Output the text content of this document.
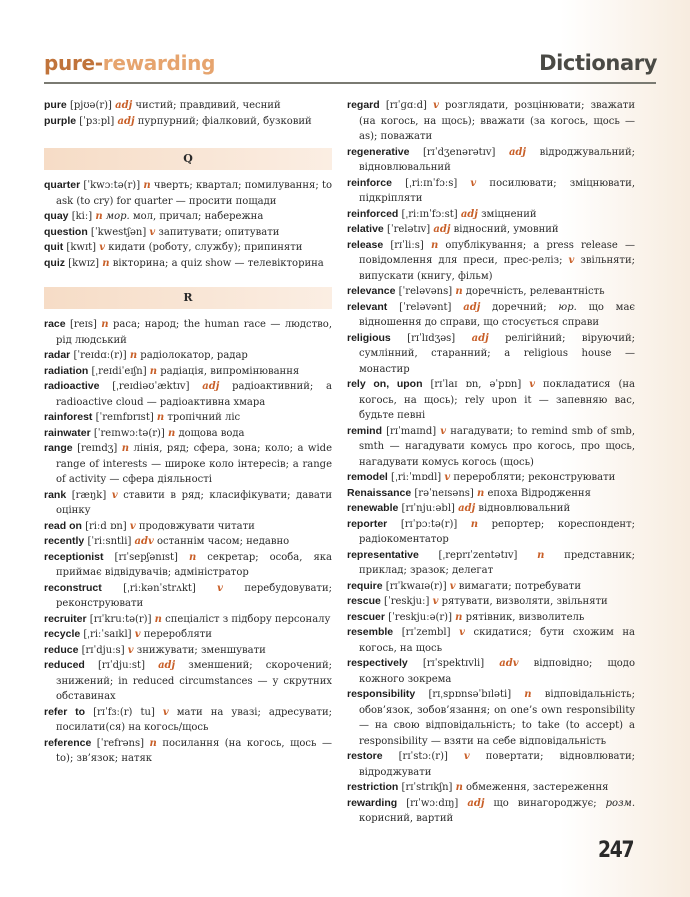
pure-rewarding	Dictionary

pure [pjʊə(r)] adj чистий; правдивий, чесний

purple [ˈpɜːpl] adj пурпурний; фіалковий, бузковий

Q

quarter [ˈkwɔːtə(r)] n чверть; квартал; помилування; to ask (to cry) for quarter — просити пощади

quay [kiː] n мор. мол, причал; набережна

question [ˈkwestʃən] v запитувати; опитувати

quit [kwɪt] v кидати (роботу, службу); припиняти

quiz [kwɪz] n вікторина; a quiz show — телевікторина

R

race [reɪs] n раса; народ; the human race — людство, рід людський

radar [ˈreɪdɑː(r)] n радіолокатор, радар

radiation [ˌreɪdiˈeɪʃn] n радіація, випромінювання

radioactive [ˌreɪdiəʊˈæktɪv] adj радіоактивний; a radioactive cloud — радіоактивна хмара

rainforest [ˈreɪnfɒrɪst] n тропічний ліс

rainwater [ˈreɪnwɔːtə(r)] n дощова вода

range [reɪndʒ] n лінія, ряд; сфера, зона; коло; a wide range of interests — широке коло інтересів; a range of activity — сфера діяльності

rank [ræŋk] v ставити в ряд; класифікувати; давати оцінку

read on [riːd ɒn] v продовжувати читати

recently [ˈriːsntli] adv останнім часом; недавно

receptionist [rɪˈsepʃənɪst] n секретар; особа, яка приймає відвідувачів; адміністратор

reconstruct [ˌriːkənˈstrʌkt] v перебудовувати; реконструювати

recruiter [rɪˈkruːtə(r)] n спеціаліст з підбору персоналу

recycle [ˌriːˈsaɪkl] v переробляти

reduce [rɪˈdjuːs] v знижувати; зменшувати

reduced [rɪˈdjuːst] adj зменшений; скорочений; знижений; in reduced circumstances — у скрутних обставинах

refer to [rɪˈfɜː(r) tu] v мати на увазі; адресувати; посилати(ся) на когось/щось

reference [ˈrefrəns] n посилання (на когось, щось — to); зв’язок; натяк

regard [rɪˈɡɑːd] v розглядати, розцінювати; зважати (на когось, на щось); вважати (за когось, щось — as); поважати

regenerative [rɪˈdʒenərətɪv] adj відроджувальний; відновлювальний

reinforce [ˌriːɪnˈfɔːs] v посилювати; зміцнювати, підкріпляти

reinforced [ˌriːɪnˈfɔːst] adj зміцнений

relative [ˈrelətɪv] adj відносний, умовний

release [rɪˈliːs] n опублікування; a press release — повідомлення для преси, прес-реліз; v звільняти; випускати (книгу, фільм)

relevance [ˈreləvəns] n доречність, релевантність

relevant [ˈreləvənt] adj доречний; юр. що має відношення до справи, що стосується справи

religious [rɪˈlɪdʒəs] adj релігійний; віруючий; сумлінний, старанний; a religious house — монастир

rely on, upon [rɪˈlaɪ ɒn, əˈpɒn] v покладатися (на когось, на щось); rely upon it — запевняю вас, будьте певні

remind [rɪˈmaɪnd] v нагадувати; to remind smb of smb, smth — нагадувати комусь про когось, про щось, нагадувати комусь когось (щось)

remodel [ˌriːˈmɒdl] v переробляти; реконструювати

Renaissance [rəˈneɪsəns] n епоха Відродження

renewable [rɪˈnjuːəbl] adj відновлювальний

reporter [rɪˈpɔːtə(r)] n репортер; кореспондент; радіокоментатор

representative [ˌreprɪˈzentətɪv] n представник; приклад; зразок; делегат

require [rɪˈkwaɪə(r)] v вимагати; потребувати

rescue [ˈreskjuː] v рятувати, визволяти, звільняти

rescuer [ˈreskjuːə(r)] n рятівник, визволитель

resemble [rɪˈzembl] v скидатися; бути схожим на когось, на щось

respectively [rɪˈspektɪvli] adv відповідно; щодо кожного зокрема

responsibility [rɪˌspɒnsəˈbɪləti] n відповідальність; обов’язок, зобов’язання; on one’s own responsibility — на свою відповідальність; to take (to accept) a responsibility — взяти на себе відповідальність

restore [rɪˈstɔː(r)] v повертати; відновлювати; відроджувати

restriction [rɪˈstrɪkʃn] n обмеження, застереження

rewarding [rɪˈwɔːdɪŋ] adj що винагороджує; розм. корисний, вартий

247
